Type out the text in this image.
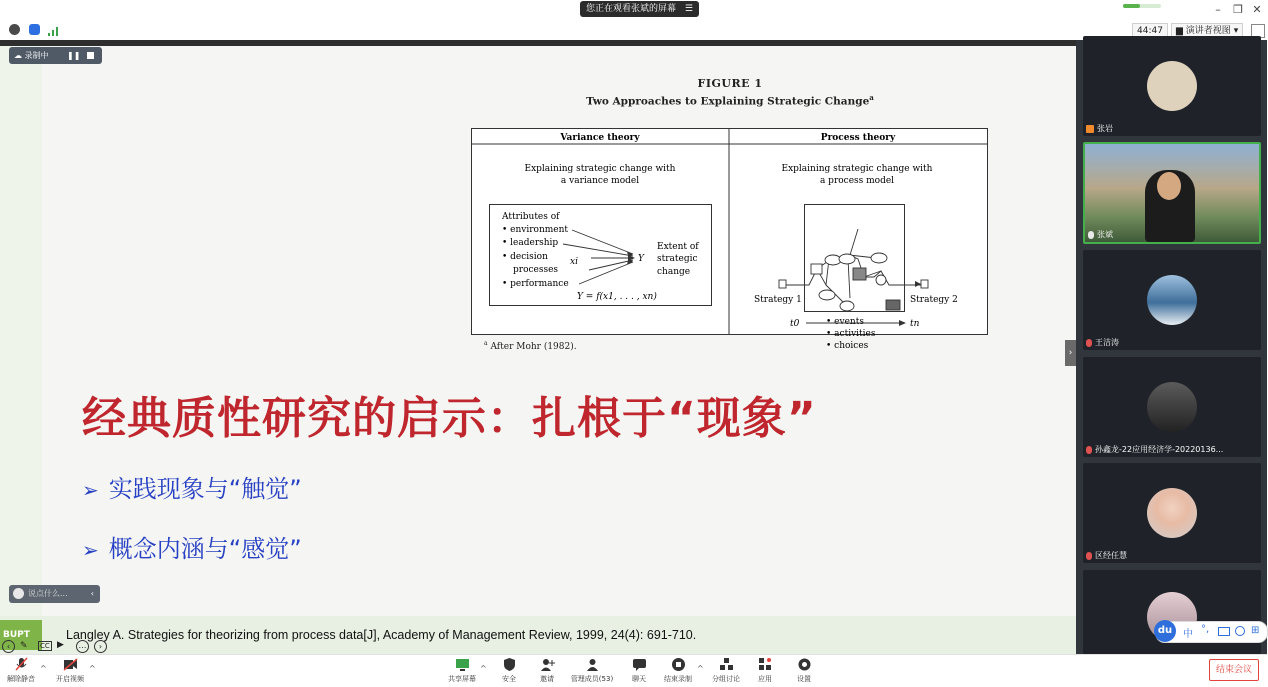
您正在观看张斌的屏幕 ☰	–	❐ ✕
44:47	▆ 演讲者视图 ▾
☁ 录制中 ❚❚
FIGURE 1
Two Approaches to Explaining Strategic Change$^a$
Variance theory	Process theory
Explaining strategic change with
a variance model
Attributes of
• environment
• leadership
• decision
processes
• performance
xi	Y
Extent of
strategic
change
Y = f(x1, . . . , xn)
Explaining strategic change with
a process model
Strategy 1	Strategy 2
• events
• activities
• choices
t0	tn
$^a$ After Mohr (1982).
经典质性研究的启示：扎根于“现象”
➢ 实践现象与“触觉”
➢ 概念内涵与“感觉”
说点什么...	‹
BUPT	Langley A. Strategies for theorizing from process data[J], Academy of Management Review, 1999, 24(4): 691-710.
›
‹	✎ CC ▶	…	›
张岩
张斌
王洁涛
孙鑫龙-22应用经济学-20220136...
区经任慧
du	中 °,	⊞
解除静音
^
开启视频
^
共享屏幕
^
安全	邀请	管理成员(53)	聊天	结束录制
^
分组讨论	应用	设置
结束会议
